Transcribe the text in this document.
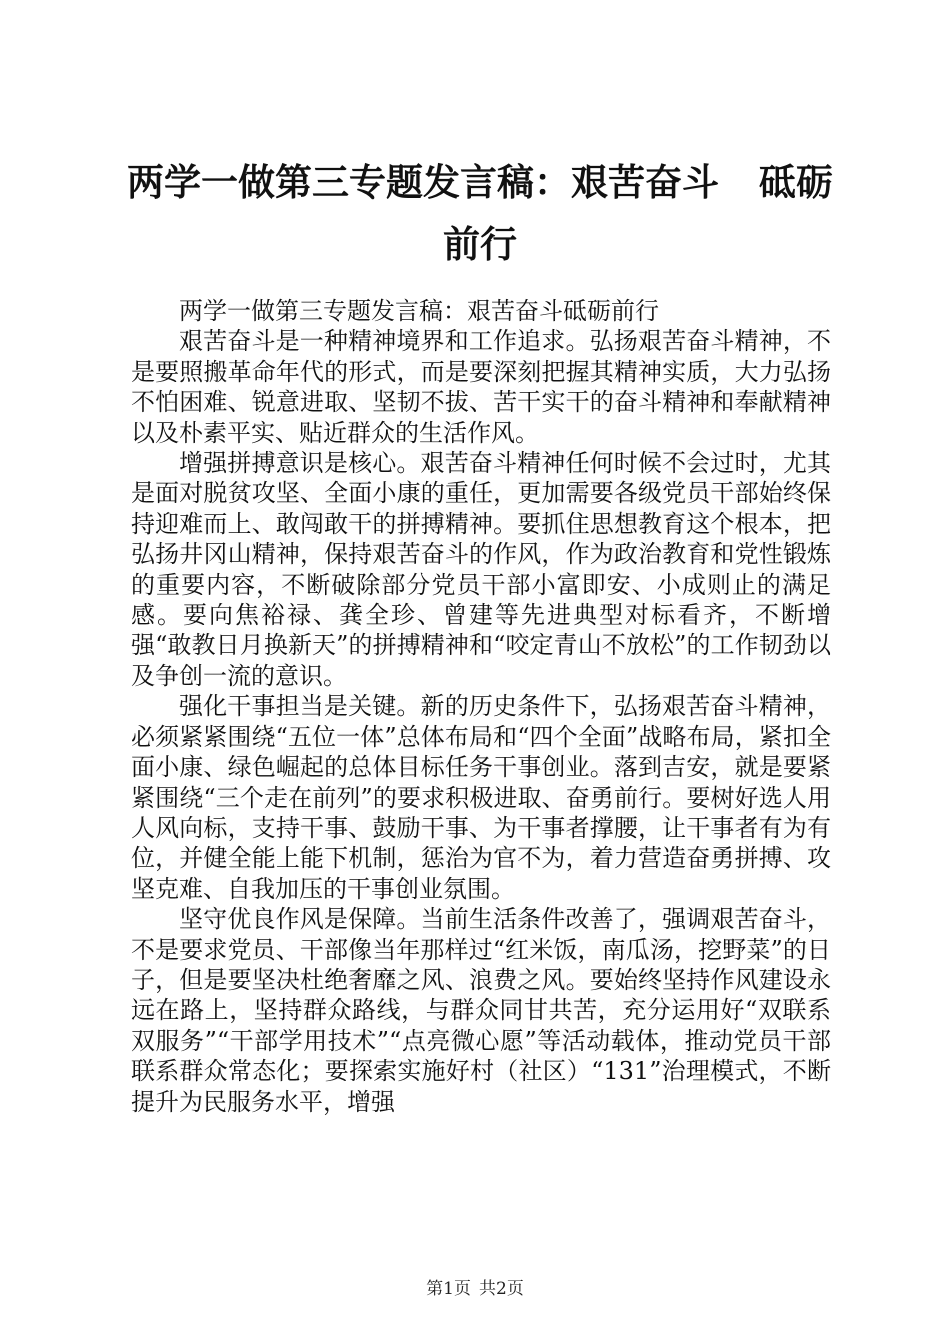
两学一做第三专题发言稿：艰苦奋斗 砥砺前行

两学一做第三专题发言稿：艰苦奋斗砥砺前行

艰苦奋斗是一种精神境界和工作追求。弘扬艰苦奋斗精神，不是要照搬革命年代的形式，而是要深刻把握其精神实质，大力弘扬不怕困难、锐意进取、坚韧不拔、苦干实干的奋斗精神和奉献精神以及朴素平实、贴近群众的生活作风。

增强拼搏意识是核心。艰苦奋斗精神任何时候不会过时，尤其是面对脱贫攻坚、全面小康的重任，更加需要各级党员干部始终保持迎难而上、敢闯敢干的拼搏精神。要抓住思想教育这个根本，把弘扬井冈山精神，保持艰苦奋斗的作风，作为政治教育和党性锻炼的重要内容，不断破除部分党员干部小富即安、小成则止的满足感。要向焦裕禄、龚全珍、曾建等先进典型对标看齐，不断增强“敢教日月换新天”的拼搏精神和“咬定青山不放松”的工作韧劲以及争创一流的意识。

强化干事担当是关键。新的历史条件下，弘扬艰苦奋斗精神，必须紧紧围绕“五位一体”总体布局和“四个全面”战略布局，紧扣全面小康、绿色崛起的总体目标任务干事创业。落到吉安，就是要紧紧围绕“三个走在前列”的要求积极进取、奋勇前行。要树好选人用人风向标，支持干事、鼓励干事、为干事者撑腰，让干事者有为有位，并健全能上能下机制，惩治为官不为，着力营造奋勇拼搏、攻坚克难、自我加压的干事创业氛围。

坚守优良作风是保障。当前生活条件改善了，强调艰苦奋斗，不是要求党员、干部像当年那样过“红米饭，南瓜汤，挖野菜”的日子，但是要坚决杜绝奢靡之风、浪费之风。要始终坚持作风建设永远在路上，坚持群众路线，与群众同甘共苦，充分运用好“双联系双服务”“干部学用技术”“点亮微心愿”等活动载体，推动党员干部联系群众常态化；要探索实施好村（社区）“131”治理模式，不断提升为民服务水平，增强

第1页 共2页
